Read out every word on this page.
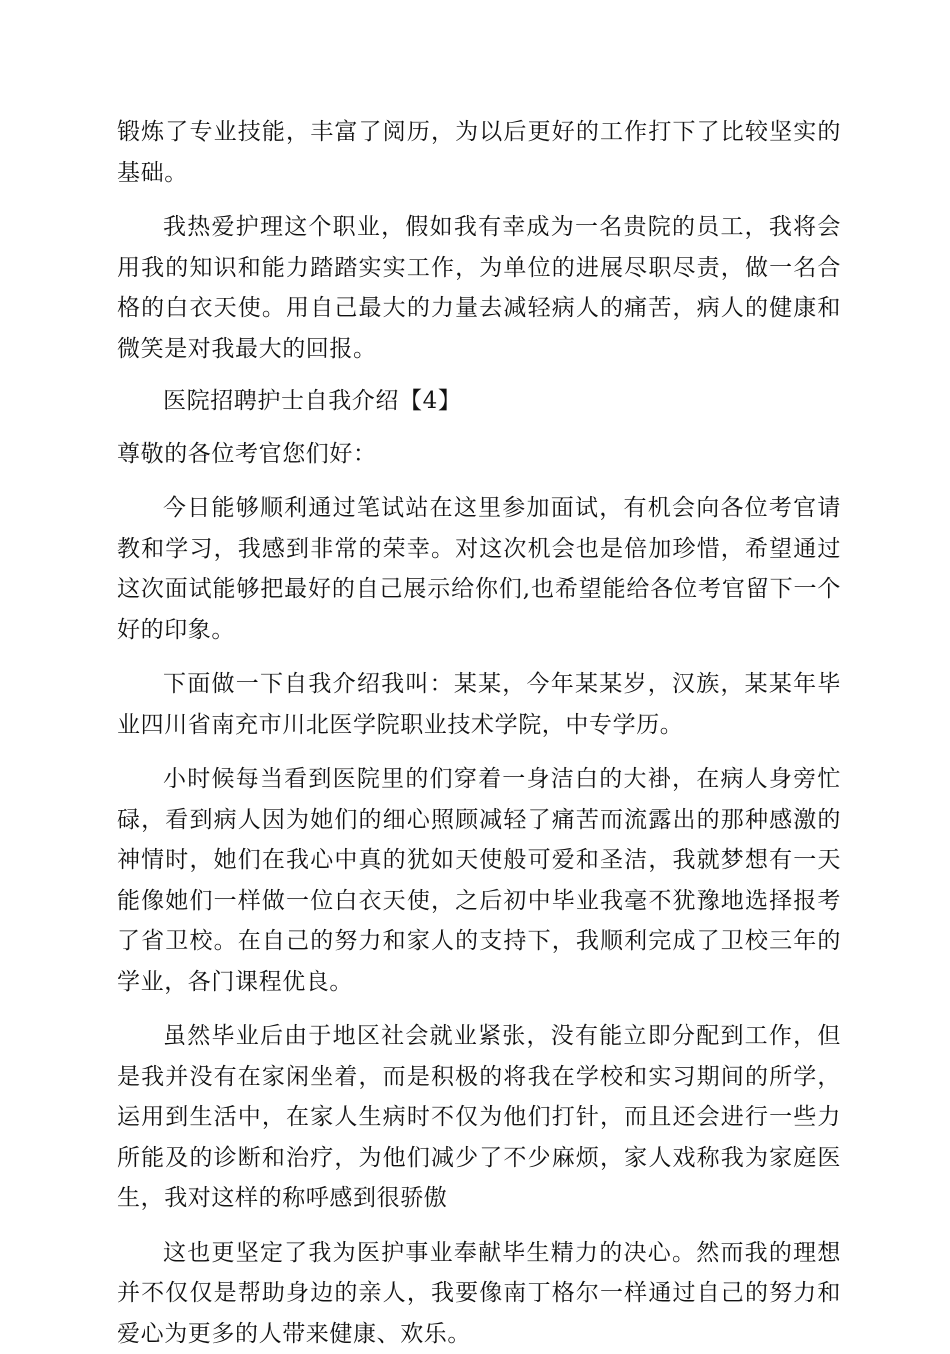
锻炼了专业技能，丰富了阅历，为以后更好的工作打下了比较坚实的基础。

我热爱护理这个职业，假如我有幸成为一名贵院的员工，我将会用我的知识和能力踏踏实实工作，为单位的进展尽职尽责，做一名合格的白衣天使。用自己最大的力量去减轻病人的痛苦，病人的健康和微笑是对我最大的回报。

医院招聘护士自我介绍【4】

尊敬的各位考官您们好：

今日能够顺利通过笔试站在这里参加面试，有机会向各位考官请教和学习，我感到非常的荣幸。对这次机会也是倍加珍惜，希望通过这次面试能够把最好的自己展示给你们,也希望能给各位考官留下一个好的印象。

下面做一下自我介绍我叫：某某，今年某某岁，汉族，某某年毕业四川省南充市川北医学院职业技术学院，中专学历。

小时候每当看到医院里的们穿着一身洁白的大褂，在病人身旁忙碌，看到病人因为她们的细心照顾减轻了痛苦而流露出的那种感激的神情时，她们在我心中真的犹如天使般可爱和圣洁，我就梦想有一天能像她们一样做一位白衣天使，之后初中毕业我毫不犹豫地选择报考了省卫校。在自己的努力和家人的支持下，我顺利完成了卫校三年的学业，各门课程优良。

虽然毕业后由于地区社会就业紧张，没有能立即分配到工作，但是我并没有在家闲坐着，而是积极的将我在学校和实习期间的所学，运用到生活中，在家人生病时不仅为他们打针，而且还会进行一些力所能及的诊断和治疗，为他们减少了不少麻烦，家人戏称我为家庭医生，我对这样的称呼感到很骄傲

这也更坚定了我为医护事业奉献毕生精力的决心。然而我的理想并不仅仅是帮助身边的亲人，我要像南丁格尔一样通过自己的努力和爱心为更多的人带来健康、欢乐。
